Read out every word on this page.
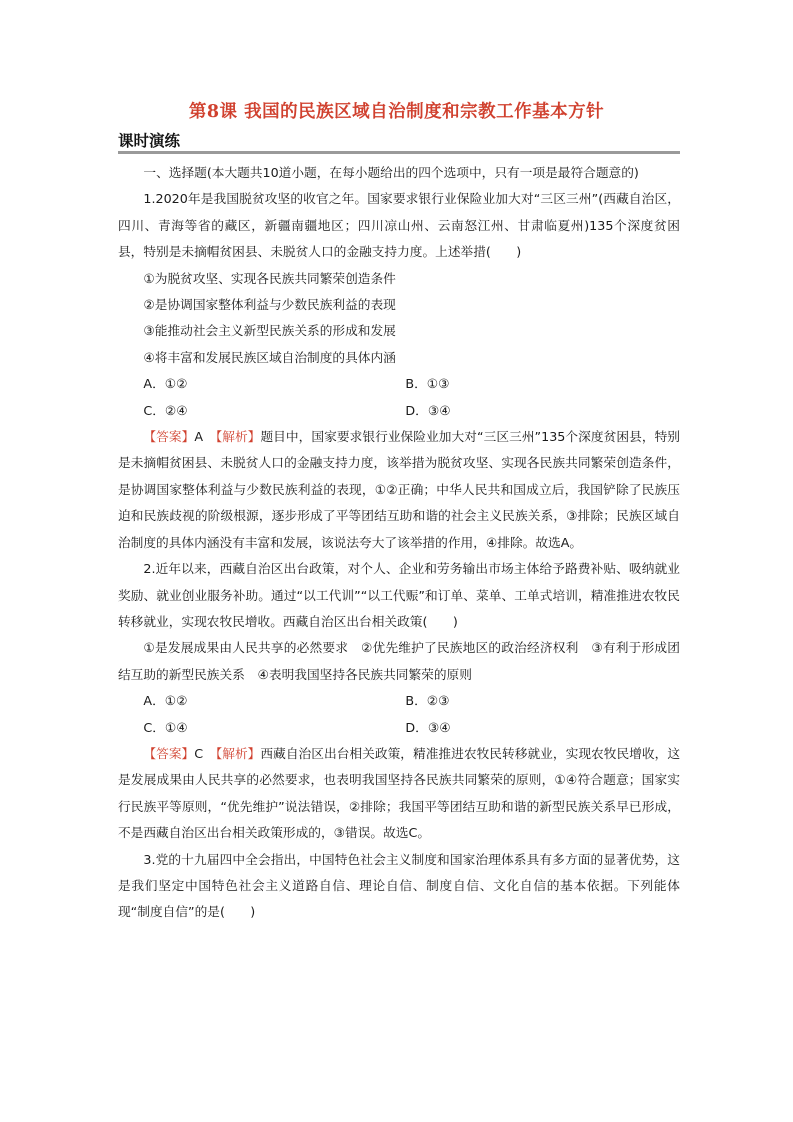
第8课 我国的民族区域自治制度和宗教工作基本方针
课时演练

一、选择题(本大题共10道小题，在每小题给出的四个选项中，只有一项是最符合题意的)

1.2020年是我国脱贫攻坚的收官之年。国家要求银行业保险业加大对“三区三州”(西藏自治区，四川、青海等省的藏区，新疆南疆地区；四川凉山州、云南怒江州、甘肃临夏州)135个深度贫困县，特别是未摘帽贫困县、未脱贫人口的金融支持力度。上述举措(　　)

①为脱贫攻坚、实现各民族共同繁荣创造条件

②是协调国家整体利益与少数民族利益的表现

③能推动社会主义新型民族关系的形成和发展

④将丰富和发展民族区域自治制度的具体内涵

A．①②	B．①③
C．②④	D．③④

【答案】A　 【解析】题目中，国家要求银行业保险业加大对“三区三州”135个深度贫困县，特别是未摘帽贫困县、未脱贫人口的金融支持力度，该举措为脱贫攻坚、实现各民族共同繁荣创造条件，是协调国家整体利益与少数民族利益的表现，①②正确；中华人民共和国成立后，我国铲除了民族压迫和民族歧视的阶级根源，逐步形成了平等团结互助和谐的社会主义民族关系，③排除；民族区域自治制度的具体内涵没有丰富和发展，该说法夸大了该举措的作用，④排除。故选A。

2.近年以来，西藏自治区出台政策，对个人、企业和劳务输出市场主体给予路费补贴、吸纳就业奖励、就业创业服务补助。通过“以工代训”“以工代赈”和订单、菜单、工单式培训，精准推进农牧民转移就业，实现农牧民增收。西藏自治区出台相关政策(　　)

①是发展成果由人民共享的必然要求　②优先维护了民族地区的政治经济权利　③有利于形成团结互助的新型民族关系　④表明我国坚持各民族共同繁荣的原则

A．①②	B．②③
C．①④	D．③④

【答案】C　 【解析】西藏自治区出台相关政策，精准推进农牧民转移就业，实现农牧民增收，这是发展成果由人民共享的必然要求，也表明我国坚持各民族共同繁荣的原则，①④符合题意；国家实行民族平等原则，“优先维护”说法错误，②排除；我国平等团结互助和谐的新型民族关系早已形成，不是西藏自治区出台相关政策形成的，③错误。故选C。

3.党的十九届四中全会指出，中国特色社会主义制度和国家治理体系具有多方面的显著优势，这是我们坚定中国特色社会主义道路自信、理论自信、制度自信、文化自信的基本依据。下列能体现“制度自信”的是(　　)
